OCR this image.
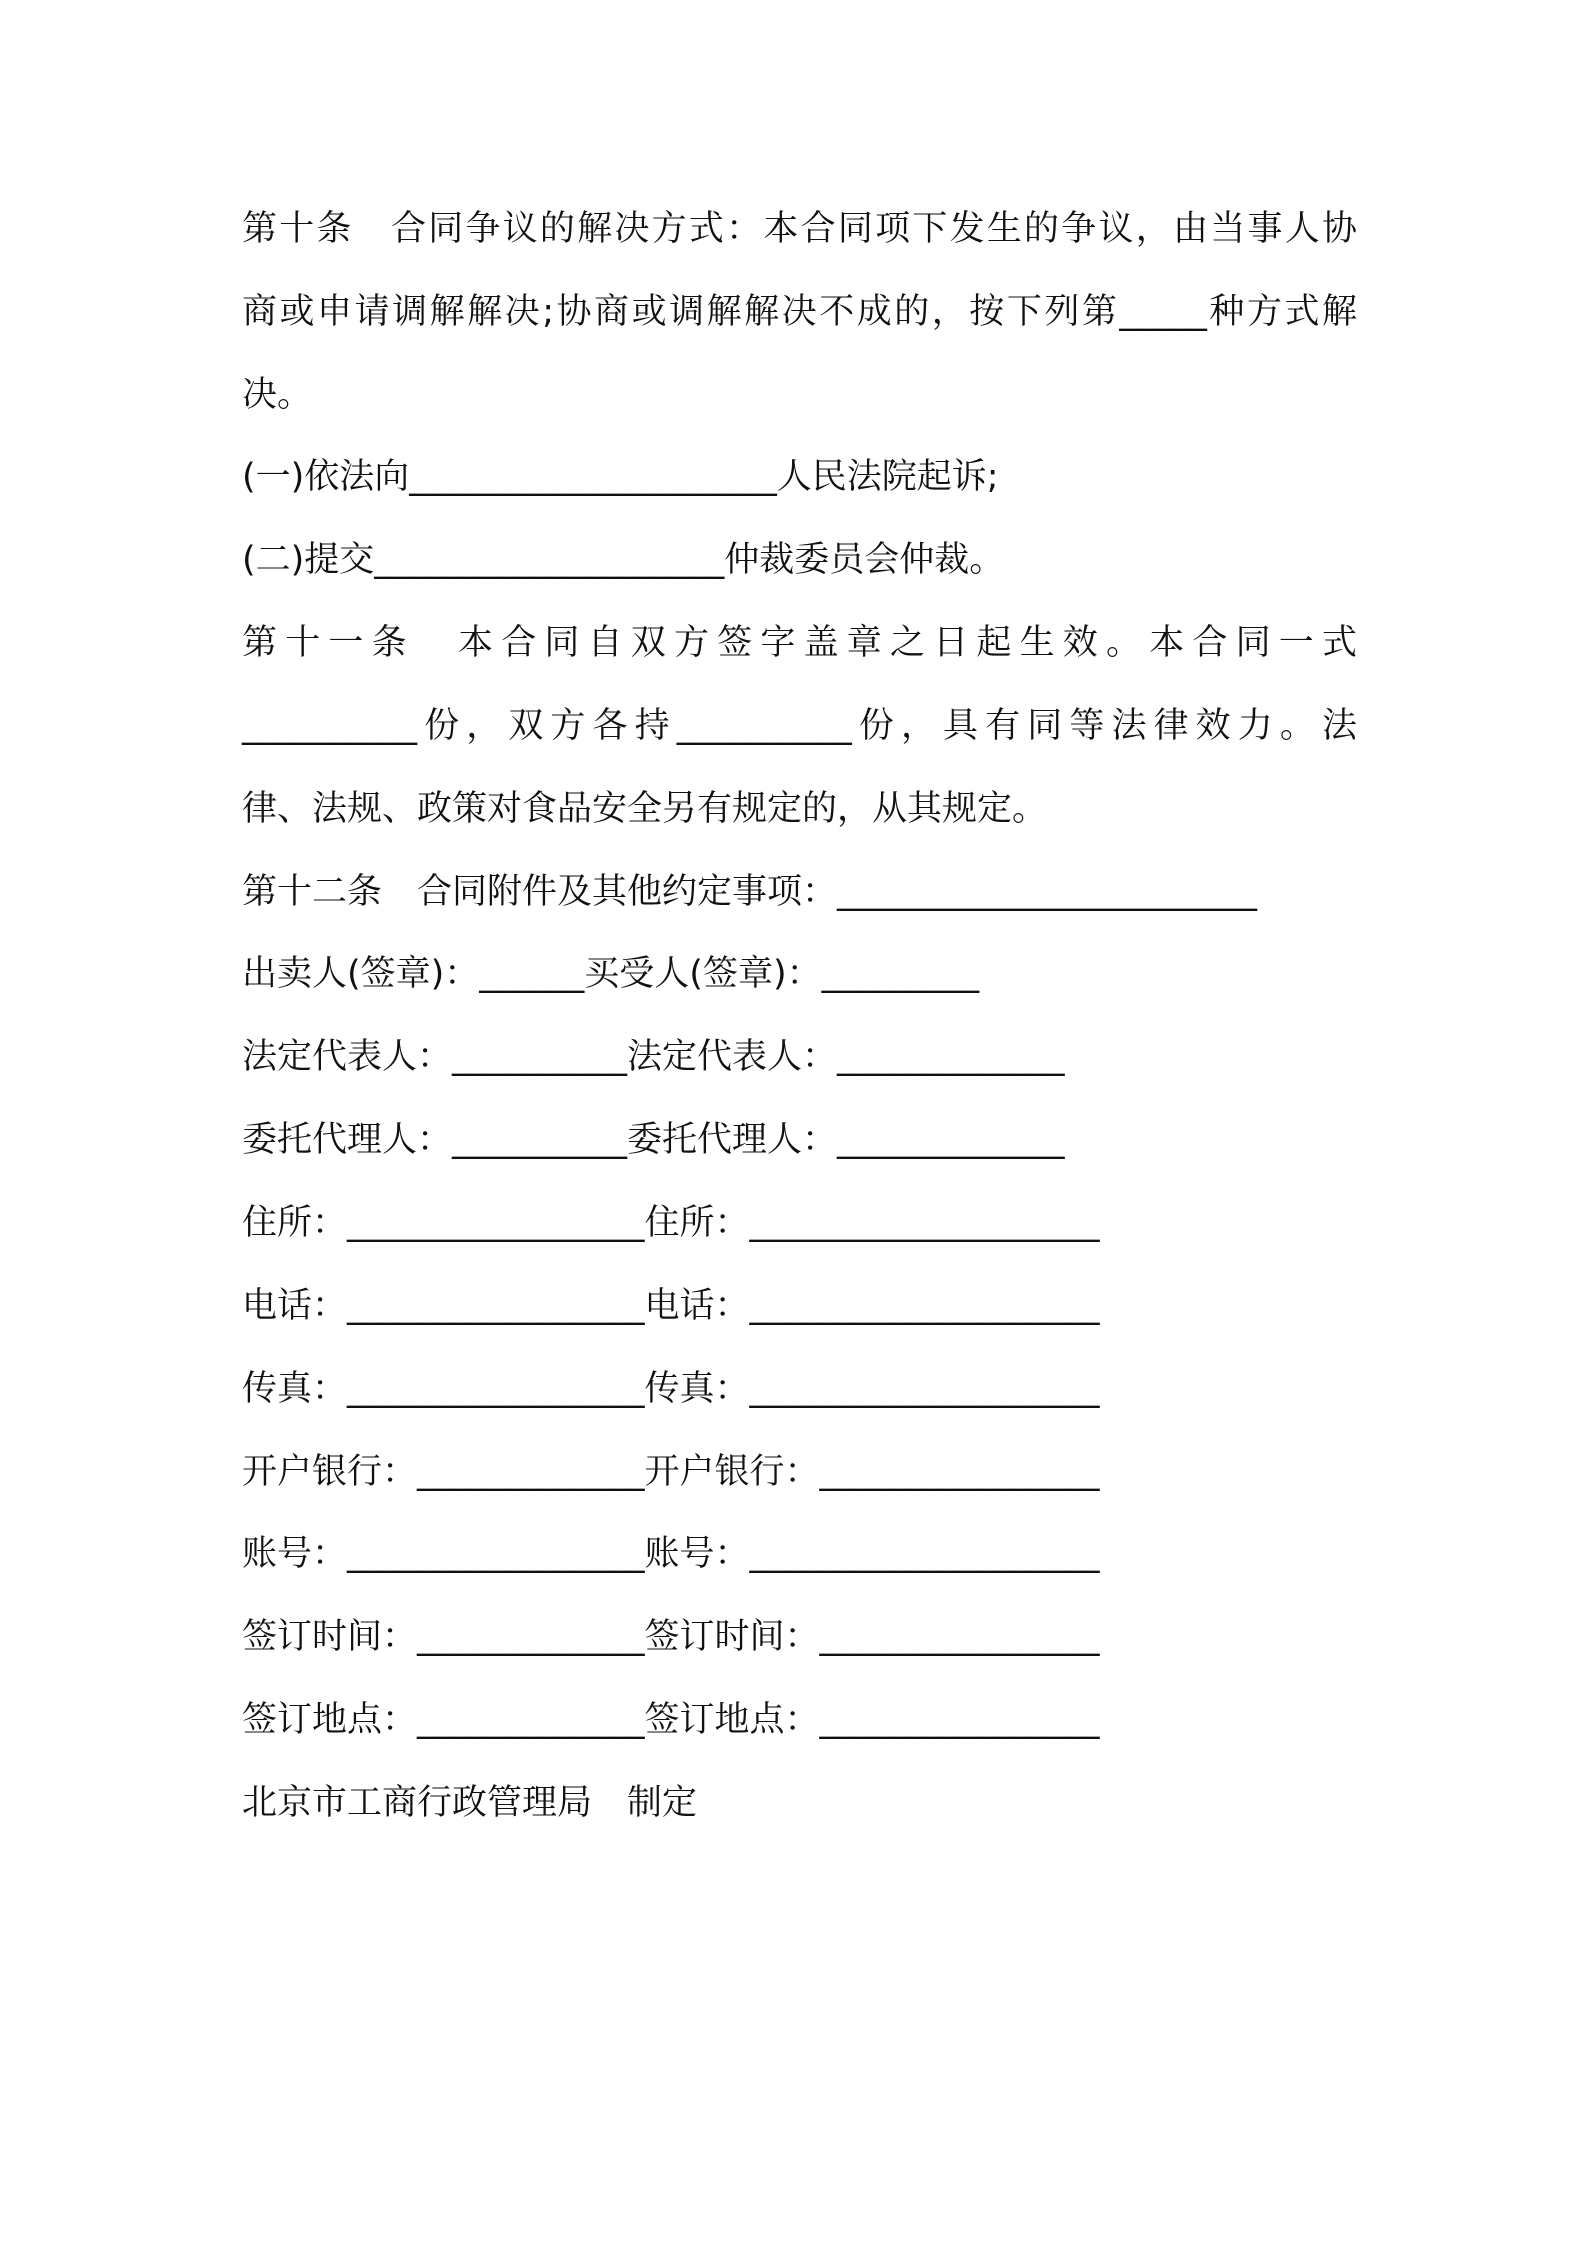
第十条　合同争议的解决方式：本合同项下发生的争议，由当事人协
商或申请调解解决;协商或调解解决不成的，按下列第_____种方式解
决。
(一)依法向_____________________人民法院起诉;
(二)提交____________________仲裁委员会仲裁。
第十一条　本合同自双方签字盖章之日起生效。本合同一式
__________份，双方各持__________份，具有同等法律效力。法
律、法规、政策对食品安全另有规定的，从其规定。
第十二条　合同附件及其他约定事项：________________________
出卖人(签章)：______买受人(签章)：_________
法定代表人：__________法定代表人：_____________
委托代理人：__________委托代理人：_____________
住所：_________________住所：____________________
电话：_________________电话：____________________
传真：_________________传真：____________________
开户银行：_____________开户银行：________________
账号：_________________账号：____________________
签订时间：_____________签订时间：________________
签订地点：_____________签订地点：________________
北京市工商行政管理局　制定
